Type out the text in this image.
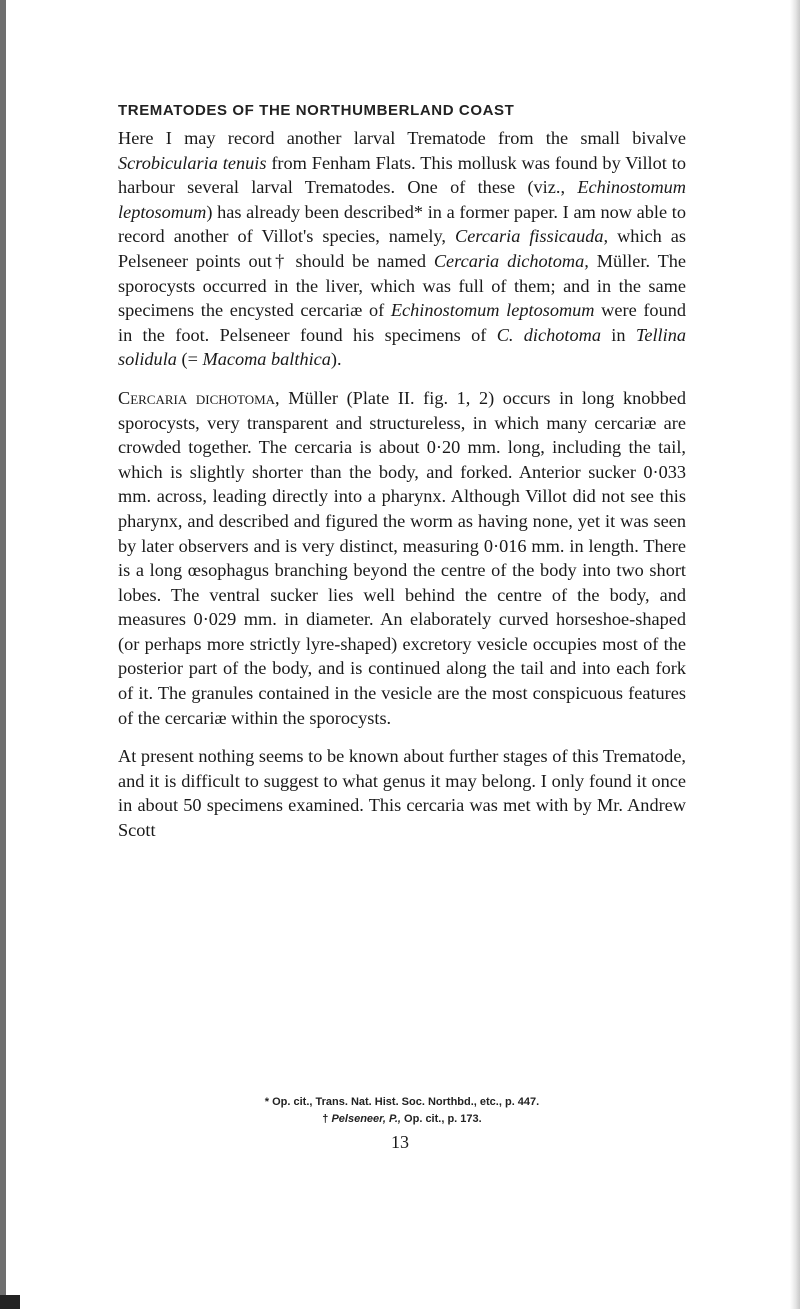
TREMATODES OF THE NORTHUMBERLAND COAST

Here I may record another larval Trematode from the small bivalve Scrobicularia tenuis from Fenham Flats. This mollusk was found by Villot to harbour several larval Trematodes. One of these (viz., Echinostomum leptosomum) has already been described* in a former paper. I am now able to record another of Villot's species, namely, Cercaria fissicauda, which as Pelseneer points out† should be named Cercaria dichotoma, Müller. The sporocysts occurred in the liver, which was full of them; and in the same specimens the encysted cercariæ of Echinostomum leptosomum were found in the foot. Pelseneer found his specimens of C. dichotoma in Tellina solidula (= Macoma balthica).

Cercaria dichotoma, Müller (Plate II. fig. 1, 2) occurs in long knobbed sporocysts, very transparent and structureless, in which many cercariæ are crowded together. The cercaria is about 0·20 mm. long, including the tail, which is slightly shorter than the body, and forked. Anterior sucker 0·033 mm. across, leading directly into a pharynx. Although Villot did not see this pharynx, and described and figured the worm as having none, yet it was seen by later observers and is very distinct, measuring 0·016 mm. in length. There is a long œsophagus branching beyond the centre of the body into two short lobes. The ventral sucker lies well behind the centre of the body, and measures 0·029 mm. in diameter. An elaborately curved horseshoe-shaped (or perhaps more strictly lyre-shaped) excretory vesicle occupies most of the posterior part of the body, and is continued along the tail and into each fork of it. The granules contained in the vesicle are the most conspicuous features of the cercariæ within the sporocysts.

At present nothing seems to be known about further stages of this Trematode, and it is difficult to suggest to what genus it may belong. I only found it once in about 50 specimens examined. This cercaria was met with by Mr. Andrew Scott

* Op. cit., Trans. Nat. Hist. Soc. Northbd., etc., p. 447.
† Pelseneer, P., Op. cit., p. 173.
13
